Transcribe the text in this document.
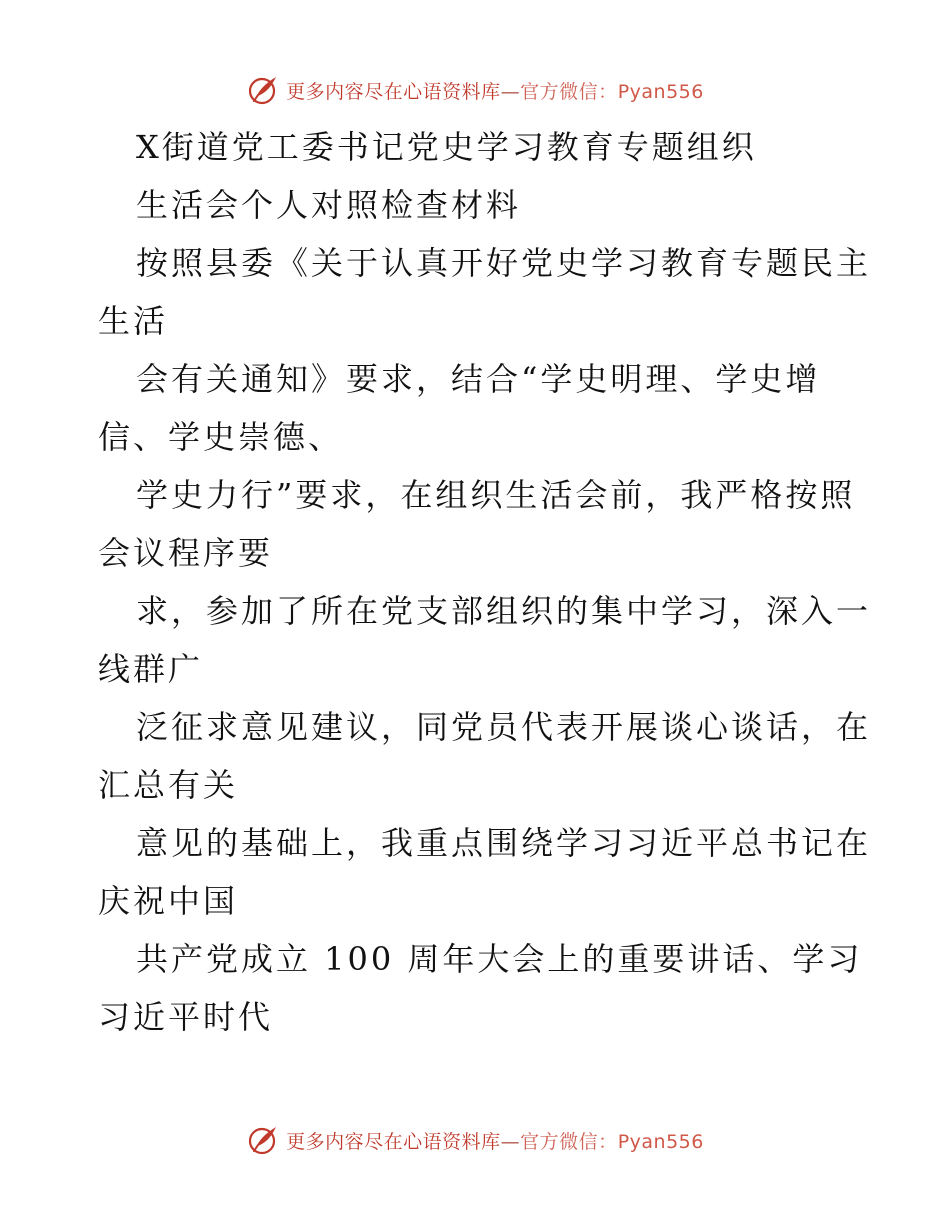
更多内容尽在心语资料库—官方微信：Pyan556
X街道党工委书记党史学习教育专题组织
生活会个人对照检查材料
按照县委《关于认真开好党史学习教育专题民主
生活
会有关通知》要求，结合“学史明理、学史增
信、学史崇德、
学史力行”要求，在组织生活会前，我严格按照
会议程序要
求，参加了所在党支部组织的集中学习，深入一
线群广
泛征求意见建议，同党员代表开展谈心谈话，在
汇总有关
意见的基础上，我重点围绕学习习近平总书记在
庆祝中国
共产党成立 100 周年大会上的重要讲话、学习
习近平时代
更多内容尽在心语资料库—官方微信：Pyan556
